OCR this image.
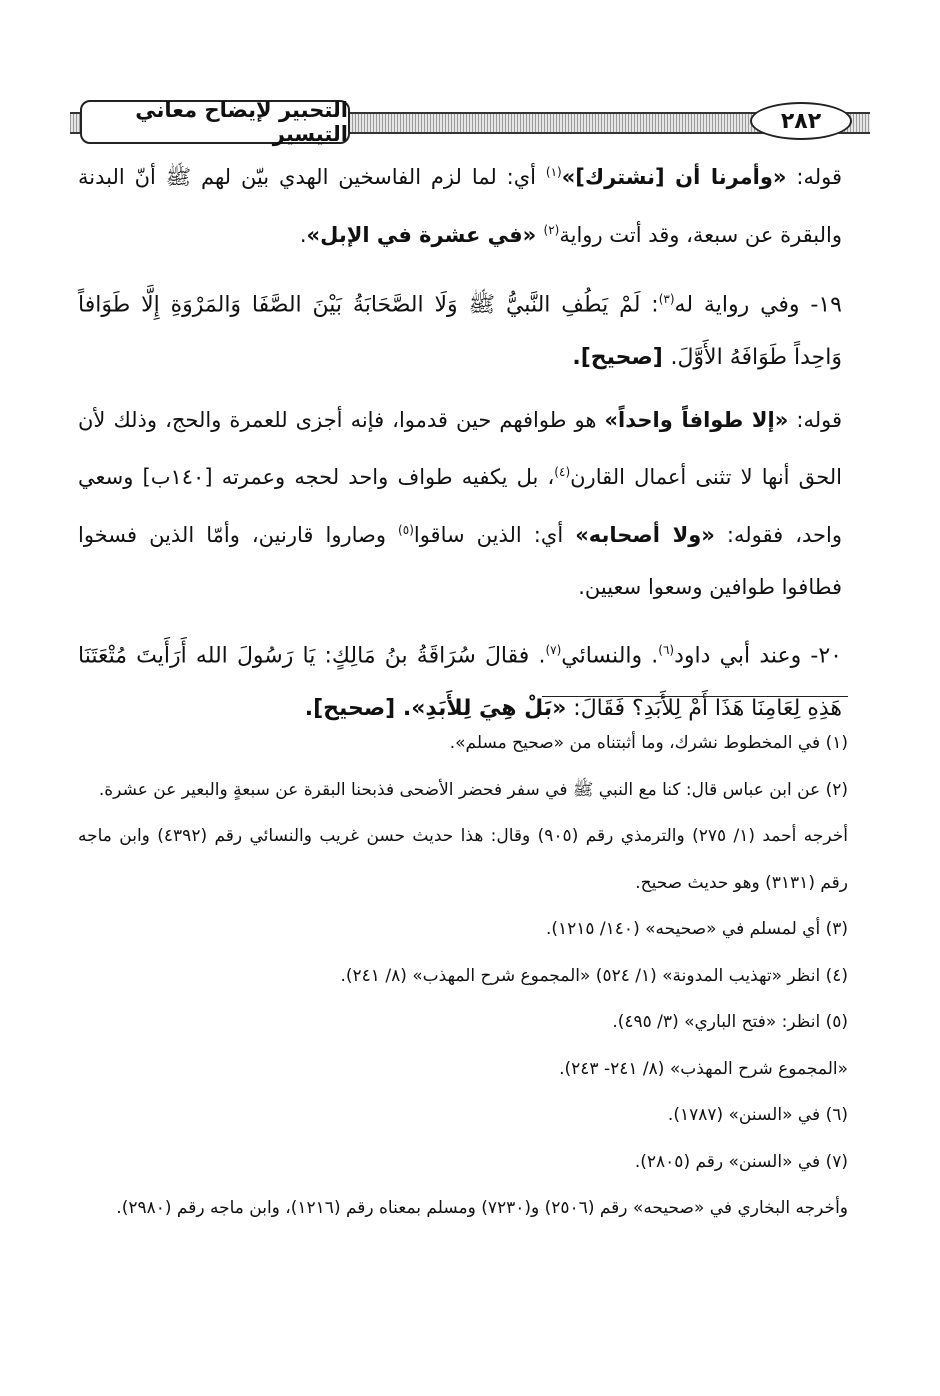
التحبير لإيضاح معاني التيسير
٢٨٢

قوله: «وأمرنا أن [نشترك]»$^{(١)}$ أي: لما لزم الفاسخين الهدي بيّن لهم ﷺ أنّ البدنة والبقرة عن سبعة، وقد أتت رواية$^{(٢)}$ «في عشرة في الإبل».

١٩- وفي رواية له$^{(٣)}$: لَمْ يَطُفِ النَّبيُّ ﷺ وَلَا الصَّحَابَةُ بَيْنَ الصَّفَا وَالمَرْوَةِ إِلَّا طَوَافاً وَاحِداً طَوَافَهُ الأَوَّلَ. [صحيح].

قوله: «إلا طوافاً واحداً» هو طوافهم حين قدموا، فإنه أجزى للعمرة والحج، وذلك لأن الحق أنها لا تثنى أعمال القارن$^{(٤)}$، بل يكفيه طواف واحد لحجه وعمرته [١٤٠ب] وسعي واحد، فقوله: «ولا أصحابه» أي: الذين ساقوا$^{(٥)}$ وصاروا قارنين، وأمّا الذين فسخوا فطافوا طوافين وسعوا سعيين.

٢٠- وعند أبي داود$^{(٦)}$. والنسائي$^{(٧)}$. فقالَ سُرَاقَةُ بنُ مَالِكٍ: يَا رَسُولَ الله أَرَأَيتَ مُتْعَتَنَا هَذِهِ لِعَامِنَا هَذَا أَمْ لِلأَبَدِ؟ فَقَالَ: «بَلْ هِيَ لِلأَبَدِ». [صحيح].

(١) في المخطوط نشرك، وما أثبتناه من «صحيح مسلم».

(٢) عن ابن عباس قال: كنا مع النبي ﷺ في سفر فحضر الأضحى فذبحنا البقرة عن سبعةٍ والبعير عن عشرة.

أخرجه أحمد (١/ ٢٧٥) والترمذي رقم (٩٠٥) وقال: هذا حديث حسن غريب والنسائي رقم (٤٣٩٢) وابن ماجه رقم (٣١٣١) وهو حديث صحيح.

(٣) أي لمسلم في «صحيحه» (١٤٠/ ١٢١٥).

(٤) انظر «تهذيب المدونة» (١/ ٥٢٤) «المجموع شرح المهذب» (٨/ ٢٤١).

(٥) انظر: «فتح الباري» (٣/ ٤٩٥).

«المجموع شرح المهذب» (٨/ ٢٤١- ٢٤٣).

(٦) في «السنن» (١٧٨٧).

(٧) في «السنن» رقم (٢٨٠٥).

وأخرجه البخاري في «صحيحه» رقم (٢٥٠٦) و(٧٢٣٠) ومسلم بمعناه رقم (١٢١٦)، وابن ماجه رقم (٢٩٨٠).
